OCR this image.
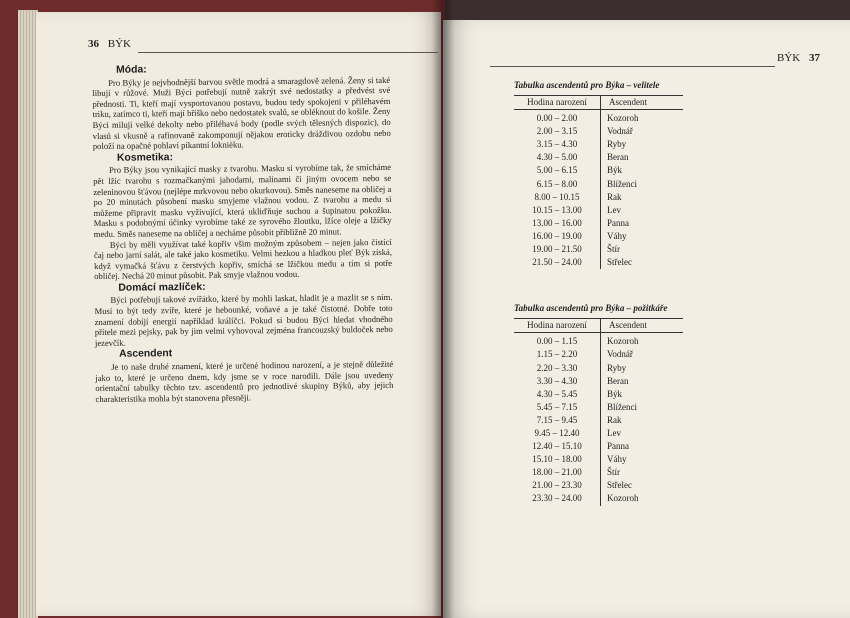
36 BÝK
BÝK 37
Móda:

Pro Býky je nejvhodnější barvou světle modrá a smaragdově zelená. Ženy si také libují v růžové. Muži Býci potřebují nutně zakrýt své nedostatky a předvést své přednosti. Ti, kteří mají vysportovanou postavu, budou tedy spokojeni v přiléhavém triku, zatímco ti, kteří mají bříško nebo nedostatek svalů, se obléknout do košile. Ženy Býci milují velké dekolty nebo přiléhavá body (podle svých tělesných dispozic), do vlasů si vkusně a rafinovaně zakomponují nějakou eroticky dráždivou ozdobu nebo položí na opačné pohlaví pikantní loknièku.

Kosmetika:

Pro Býky jsou vynikající masky z tvarohu. Masku si vyrobíme tak, že smícháme pět lžic tvarohu s rozmačkanými jahodami, malinami či jiným ovocem nebo se zeleninovou šťávou (nejlépe mrkvovou nebo okurkovou). Směs naneseme na obličej a po 20 minutách působení masku smyjeme vlažnou vodou. Z tvarohu a medu si můžeme připravit masku vyživující, která ukliďňuje suchou a šupinatou pokožku. Masku s podobnými účinky vyrobíme také ze syrového žloutku, lžíce oleje a lžičky medu. Směs naneseme na obličej a necháme působit přibližně 20 minut.

Býci by měli využívat také kopřiv všim možným způsobem – nejen jako čistící čaj nebo jarní salát, ale také jako kosmetiku. Velmi hezkou a hladkou pleť Býk získá, když vymačká šťávu z čerstvých kopřiv, smíchá se lžičkou medu a tím si potře obličej. Nechá 20 minut působit. Pak smyje vlažnou vodou.

Domácí mazlíček:

Býci potřebují takové zvířátko, které by mohli laskat, hladit je a mazlit se s ním. Musí to být tedy zvíře, které je hebounké, voňavé a je také čistotné. Dobře toto znamení dobíjí energií například králíčci. Pokud si budou Býci hledat vhodného přítele mezi pejsky, pak by jim velmi vyhovoval zejména francouzský buldoček nebo jezevčík.

Ascendent

Je to naše druhé znamení, které je určené hodinou narození, a je stejně důležité jako to, které je určeno dnem, kdy jsme se v roce narodili. Dále jsou uvedeny orientační tabulky těchto tzv. ascendentů pro jednotlivé skupiny Býků, aby jejich charakteristika mohla být stanovena přesněji.

Tabulka ascendentů pro Býka – velitele
Hodina narození	Ascendent
0.00 – 2.00	Kozoroh
2.00 – 3.15	Vodnář
3.15 – 4.30	Ryby
4.30 – 5.00	Beran
5.00 – 6.15	Býk
6.15 – 8.00	Blíženci
8.00 – 10.15	Rak
10.15 – 13.00	Lev
13.00 – 16.00	Panna
16.00 – 19.00	Váhy
19.00 – 21.50	Štír
21.50 – 24.00	Střelec
Tabulka ascendentů pro Býka – požitkáře
Hodina narození	Ascendent
0.00 – 1.15	Kozoroh
1.15 – 2.20	Vodnář
2.20 – 3.30	Ryby
3.30 – 4.30	Beran
4.30 – 5.45	Býk
5.45 – 7.15	Blíženci
7.15 – 9.45	Rak
9.45 – 12.40	Lev
12.40 – 15.10	Panna
15.10 – 18.00	Váhy
18.00 – 21.00	Štír
21.00 – 23.30	Střelec
23.30 – 24.00	Kozoroh
